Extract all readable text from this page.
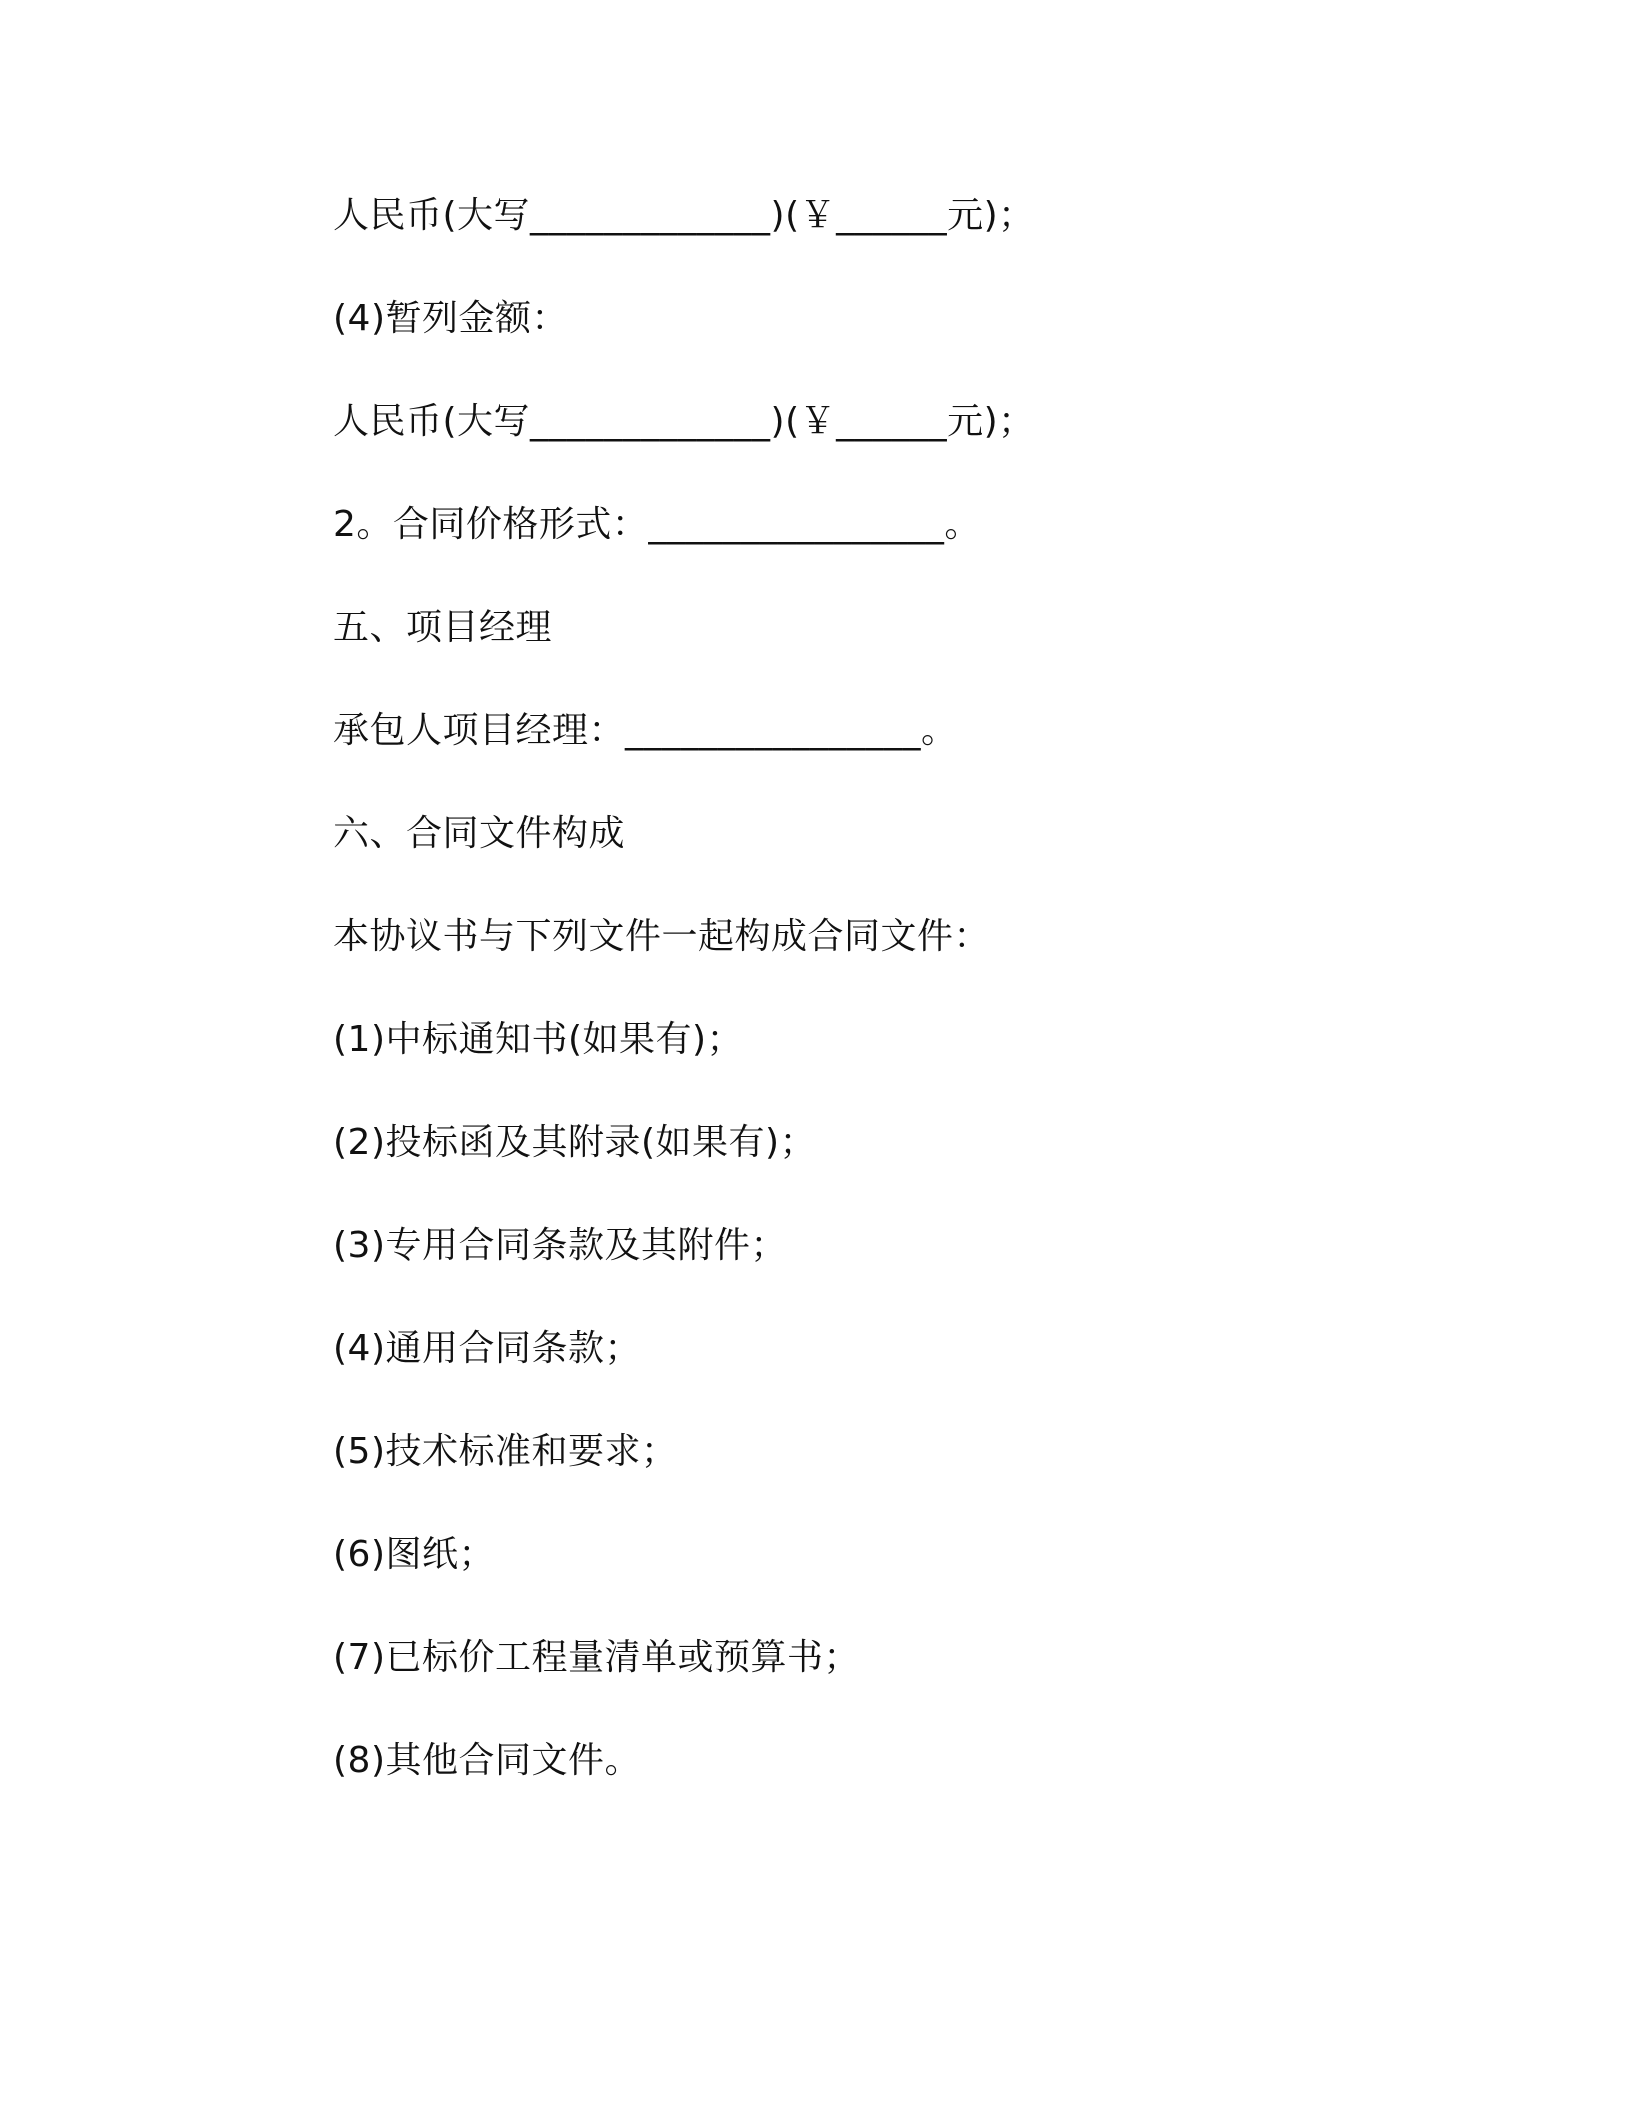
人民币(大写_____________)(￥______元)；
(4)暂列金额：
人民币(大写_____________)(￥______元)；
2。合同价格形式：________________。
五、项目经理
承包人项目经理：________________。
六、合同文件构成
本协议书与下列文件一起构成合同文件：
(1)中标通知书(如果有)；
(2)投标函及其附录(如果有)；
(3)专用合同条款及其附件；
(4)通用合同条款；
(5)技术标准和要求；
(6)图纸；
(7)已标价工程量清单或预算书；
(8)其他合同文件。
